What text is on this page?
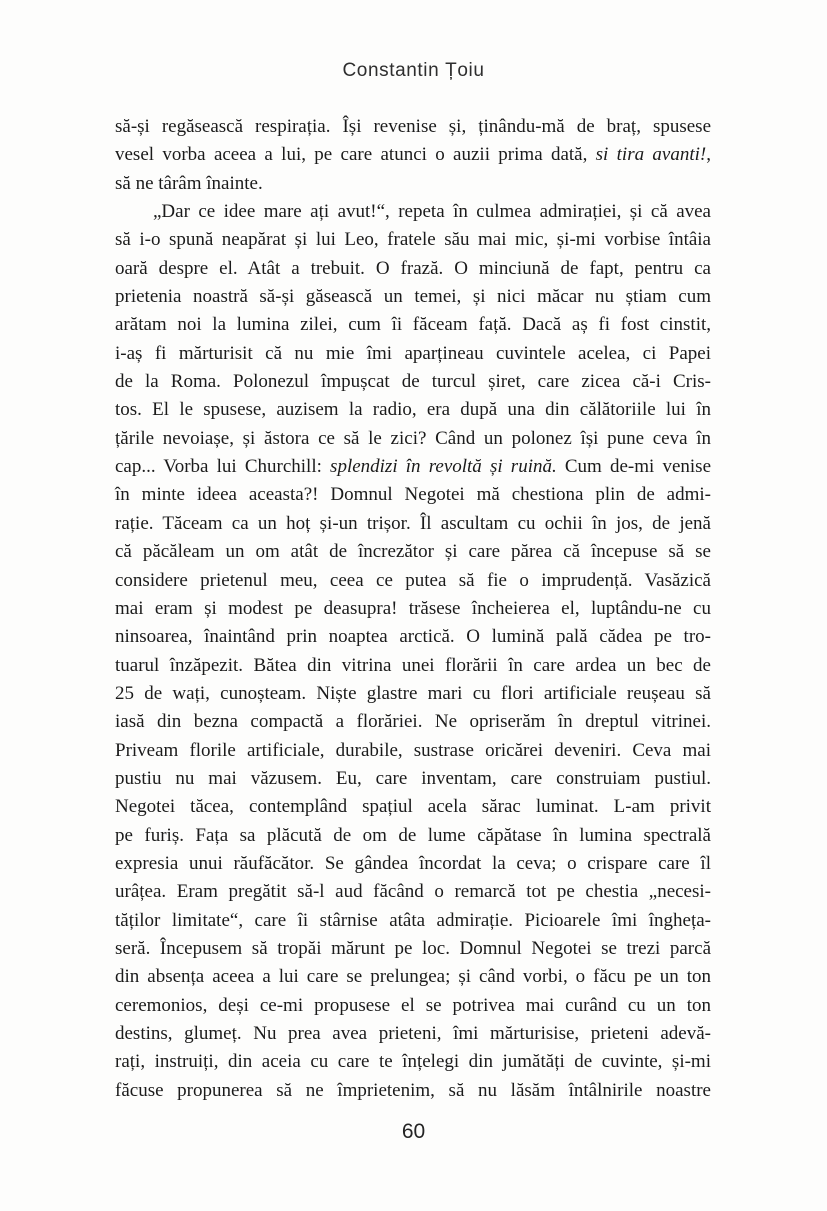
Constantin Țoiu
să-și regăsească respirația. Își revenise și, ținându-mă de braț, spusese
vesel vorba aceea a lui, pe care atunci o auzii prima dată, si tira avanti!,
să ne târâm înainte.
„Dar ce idee mare ați avut!“, repeta în culmea admirației, și că avea
să i-o spună neapărat și lui Leo, fratele său mai mic, și-mi vorbise întâia
oară despre el. Atât a trebuit. O frază. O minciună de fapt, pentru ca
prietenia noastră să-și găsească un temei, și nici măcar nu știam cum
arătam noi la lumina zilei, cum îi făceam față. Dacă aș fi fost cinstit,
i-aș fi mărturisit că nu mie îmi aparțineau cuvintele acelea, ci Papei
de la Roma. Polonezul împușcat de turcul șiret, care zicea că-i Cris-
tos. El le spusese, auzisem la radio, era după una din călătoriile lui în
țările nevoiașe, și ăstora ce să le zici? Când un polonez își pune ceva în
cap... Vorba lui Churchill: splendizi în revoltă și ruină. Cum de-mi venise
în minte ideea aceasta?! Domnul Negotei mă chestiona plin de admi-
rație. Tăceam ca un hoț și-un trișor. Îl ascultam cu ochii în jos, de jenă
că păcăleam un om atât de încrezător și care părea că începuse să se
considere prietenul meu, ceea ce putea să fie o imprudență. Vasăzică
mai eram și modest pe deasupra! trăsese încheierea el, luptându-ne cu
ninsoarea, înaintând prin noaptea arctică. O lumină pală cădea pe tro-
tuarul înzăpezit. Bătea din vitrina unei florării în care ardea un bec de
25 de wați, cunoșteam. Niște glastre mari cu flori artificiale reușeau să
iasă din bezna compactă a florăriei. Ne opriserăm în dreptul vitrinei.
Priveam florile artificiale, durabile, sustrase oricărei deveniri. Ceva mai
pustiu nu mai văzusem. Eu, care inventam, care construiam pustiul.
Negotei tăcea, contemplând spațiul acela sărac luminat. L-am privit
pe furiș. Fața sa plăcută de om de lume căpătase în lumina spectrală
expresia unui răufăcător. Se gândea încordat la ceva; o crispare care îl
urâțea. Eram pregătit să-l aud făcând o remarcă tot pe chestia „necesi-
tăților limitate“, care îi stârnise atâta admirație. Picioarele îmi îngheța-
seră. Începusem să tropăi mărunt pe loc. Domnul Negotei se trezi parcă
din absența aceea a lui care se prelungea; și când vorbi, o făcu pe un ton
ceremonios, deși ce-mi propusese el se potrivea mai curând cu un ton
destins, glumeț. Nu prea avea prieteni, îmi mărturisise, prieteni adevă-
rați, instruiți, din aceia cu care te înțelegi din jumătăți de cuvinte, și-mi
făcuse propunerea să ne împrietenim, să nu lăsăm întâlnirile noastre
60
